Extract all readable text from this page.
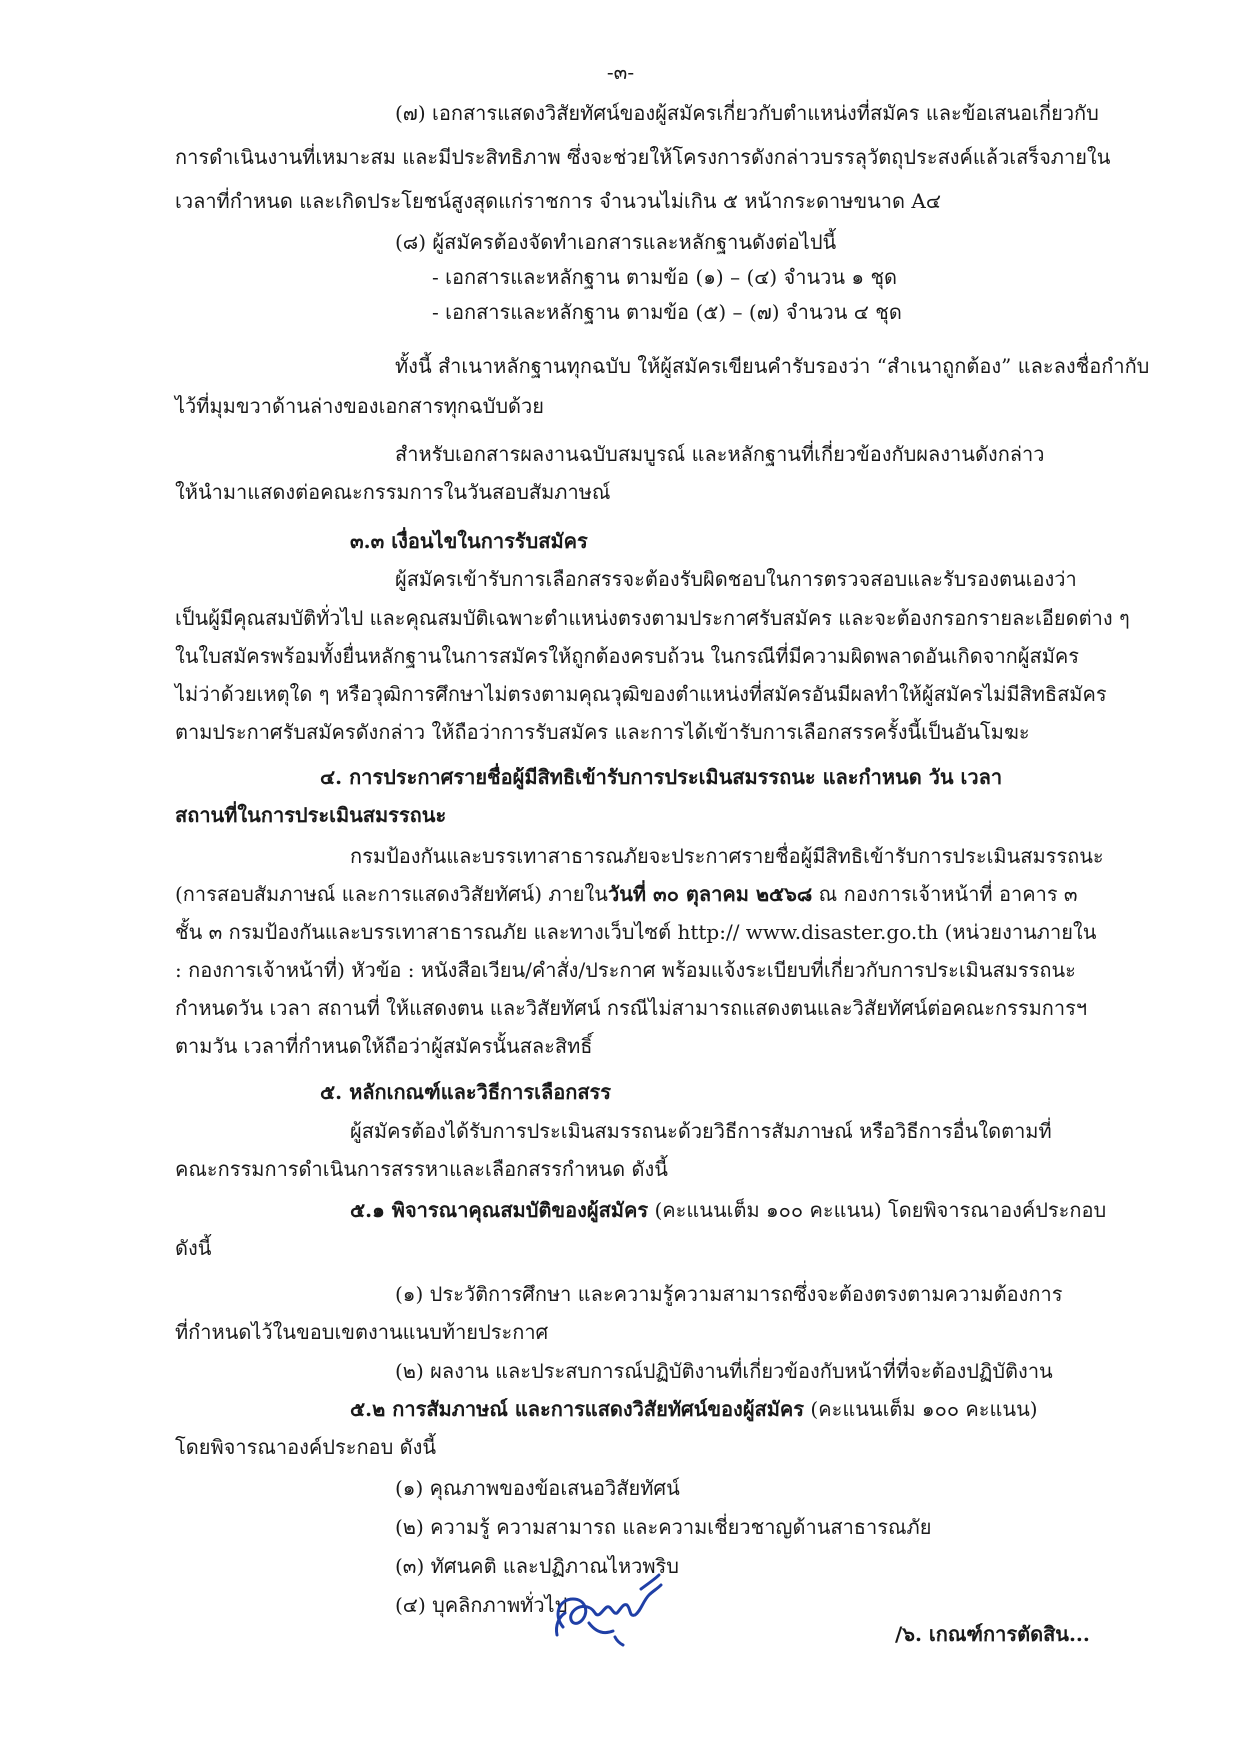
-๓-
(๗) เอกสารแสดงวิสัยทัศน์ของผู้สมัครเกี่ยวกับตำแหน่งที่สมัคร และข้อเสนอเกี่ยวกับ
การดำเนินงานที่เหมาะสม และมีประสิทธิภาพ ซึ่งจะช่วยให้โครงการดังกล่าวบรรลุวัตถุประสงค์แล้วเสร็จภายใน
เวลาที่กำหนด และเกิดประโยชน์สูงสุดแก่ราชการ จำนวนไม่เกิน ๕ หน้ากระดาษขนาด A๔
(๘) ผู้สมัครต้องจัดทำเอกสารและหลักฐานดังต่อไปนี้
- เอกสารและหลักฐาน ตามข้อ (๑) – (๔) จำนวน ๑ ชุด
- เอกสารและหลักฐาน ตามข้อ (๕) – (๗) จำนวน ๔ ชุด
ทั้งนี้ สำเนาหลักฐานทุกฉบับ ให้ผู้สมัครเขียนคำรับรองว่า “สำเนาถูกต้อง” และลงชื่อกำกับ
ไว้ที่มุมขวาด้านล่างของเอกสารทุกฉบับด้วย
สำหรับเอกสารผลงานฉบับสมบูรณ์ และหลักฐานที่เกี่ยวข้องกับผลงานดังกล่าว
ให้นำมาแสดงต่อคณะกรรมการในวันสอบสัมภาษณ์
๓.๓ เงื่อนไขในการรับสมัคร
ผู้สมัครเข้ารับการเลือกสรรจะต้องรับผิดชอบในการตรวจสอบและรับรองตนเองว่า
เป็นผู้มีคุณสมบัติทั่วไป และคุณสมบัติเฉพาะตำแหน่งตรงตามประกาศรับสมัคร และจะต้องกรอกรายละเอียดต่าง ๆ
ในใบสมัครพร้อมทั้งยื่นหลักฐานในการสมัครให้ถูกต้องครบถ้วน ในกรณีที่มีความผิดพลาดอันเกิดจากผู้สมัคร
ไม่ว่าด้วยเหตุใด ๆ หรือวุฒิการศึกษาไม่ตรงตามคุณวุฒิของตำแหน่งที่สมัครอันมีผลทำให้ผู้สมัครไม่มีสิทธิสมัคร
ตามประกาศรับสมัครดังกล่าว ให้ถือว่าการรับสมัคร และการได้เข้ารับการเลือกสรรครั้งนี้เป็นอันโมฆะ
๔. การประกาศรายชื่อผู้มีสิทธิเข้ารับการประเมินสมรรถนะ และกำหนด วัน เวลา
สถานที่ในการประเมินสมรรถนะ
กรมป้องกันและบรรเทาสาธารณภัยจะประกาศรายชื่อผู้มีสิทธิเข้ารับการประเมินสมรรถนะ
(การสอบสัมภาษณ์ และการแสดงวิสัยทัศน์) ภายในวันที่ ๓๐ ตุลาคม ๒๕๖๘ ณ กองการเจ้าหน้าที่ อาคาร ๓
ชั้น ๓ กรมป้องกันและบรรเทาสาธารณภัย และทางเว็บไซต์ http:// www.disaster.go.th (หน่วยงานภายใน
: กองการเจ้าหน้าที่) หัวข้อ : หนังสือเวียน/คำสั่ง/ประกาศ พร้อมแจ้งระเบียบที่เกี่ยวกับการประเมินสมรรถนะ
กำหนดวัน เวลา สถานที่ ให้แสดงตน และวิสัยทัศน์ กรณีไม่สามารถแสดงตนและวิสัยทัศน์ต่อคณะกรรมการฯ
ตามวัน เวลาที่กำหนดให้ถือว่าผู้สมัครนั้นสละสิทธิ์
๕. หลักเกณฑ์และวิธีการเลือกสรร
ผู้สมัครต้องได้รับการประเมินสมรรถนะด้วยวิธีการสัมภาษณ์ หรือวิธีการอื่นใดตามที่
คณะกรรมการดำเนินการสรรหาและเลือกสรรกำหนด ดังนี้
๕.๑ พิจารณาคุณสมบัติของผู้สมัคร (คะแนนเต็ม ๑๐๐ คะแนน) โดยพิจารณาองค์ประกอบ
ดังนี้
(๑) ประวัติการศึกษา และความรู้ความสามารถซึ่งจะต้องตรงตามความต้องการ
ที่กำหนดไว้ในขอบเขตงานแนบท้ายประกาศ
(๒) ผลงาน และประสบการณ์ปฏิบัติงานที่เกี่ยวข้องกับหน้าที่ที่จะต้องปฏิบัติงาน
๕.๒ การสัมภาษณ์ และการแสดงวิสัยทัศน์ของผู้สมัคร (คะแนนเต็ม ๑๐๐ คะแนน)
โดยพิจารณาองค์ประกอบ ดังนี้
(๑) คุณภาพของข้อเสนอวิสัยทัศน์
(๒) ความรู้ ความสามารถ และความเชี่ยวชาญด้านสาธารณภัย
(๓) ทัศนคติ และปฏิภาณไหวพริบ
(๔) บุคลิกภาพทั่วไป
/๖. เกณฑ์การตัดสิน...
